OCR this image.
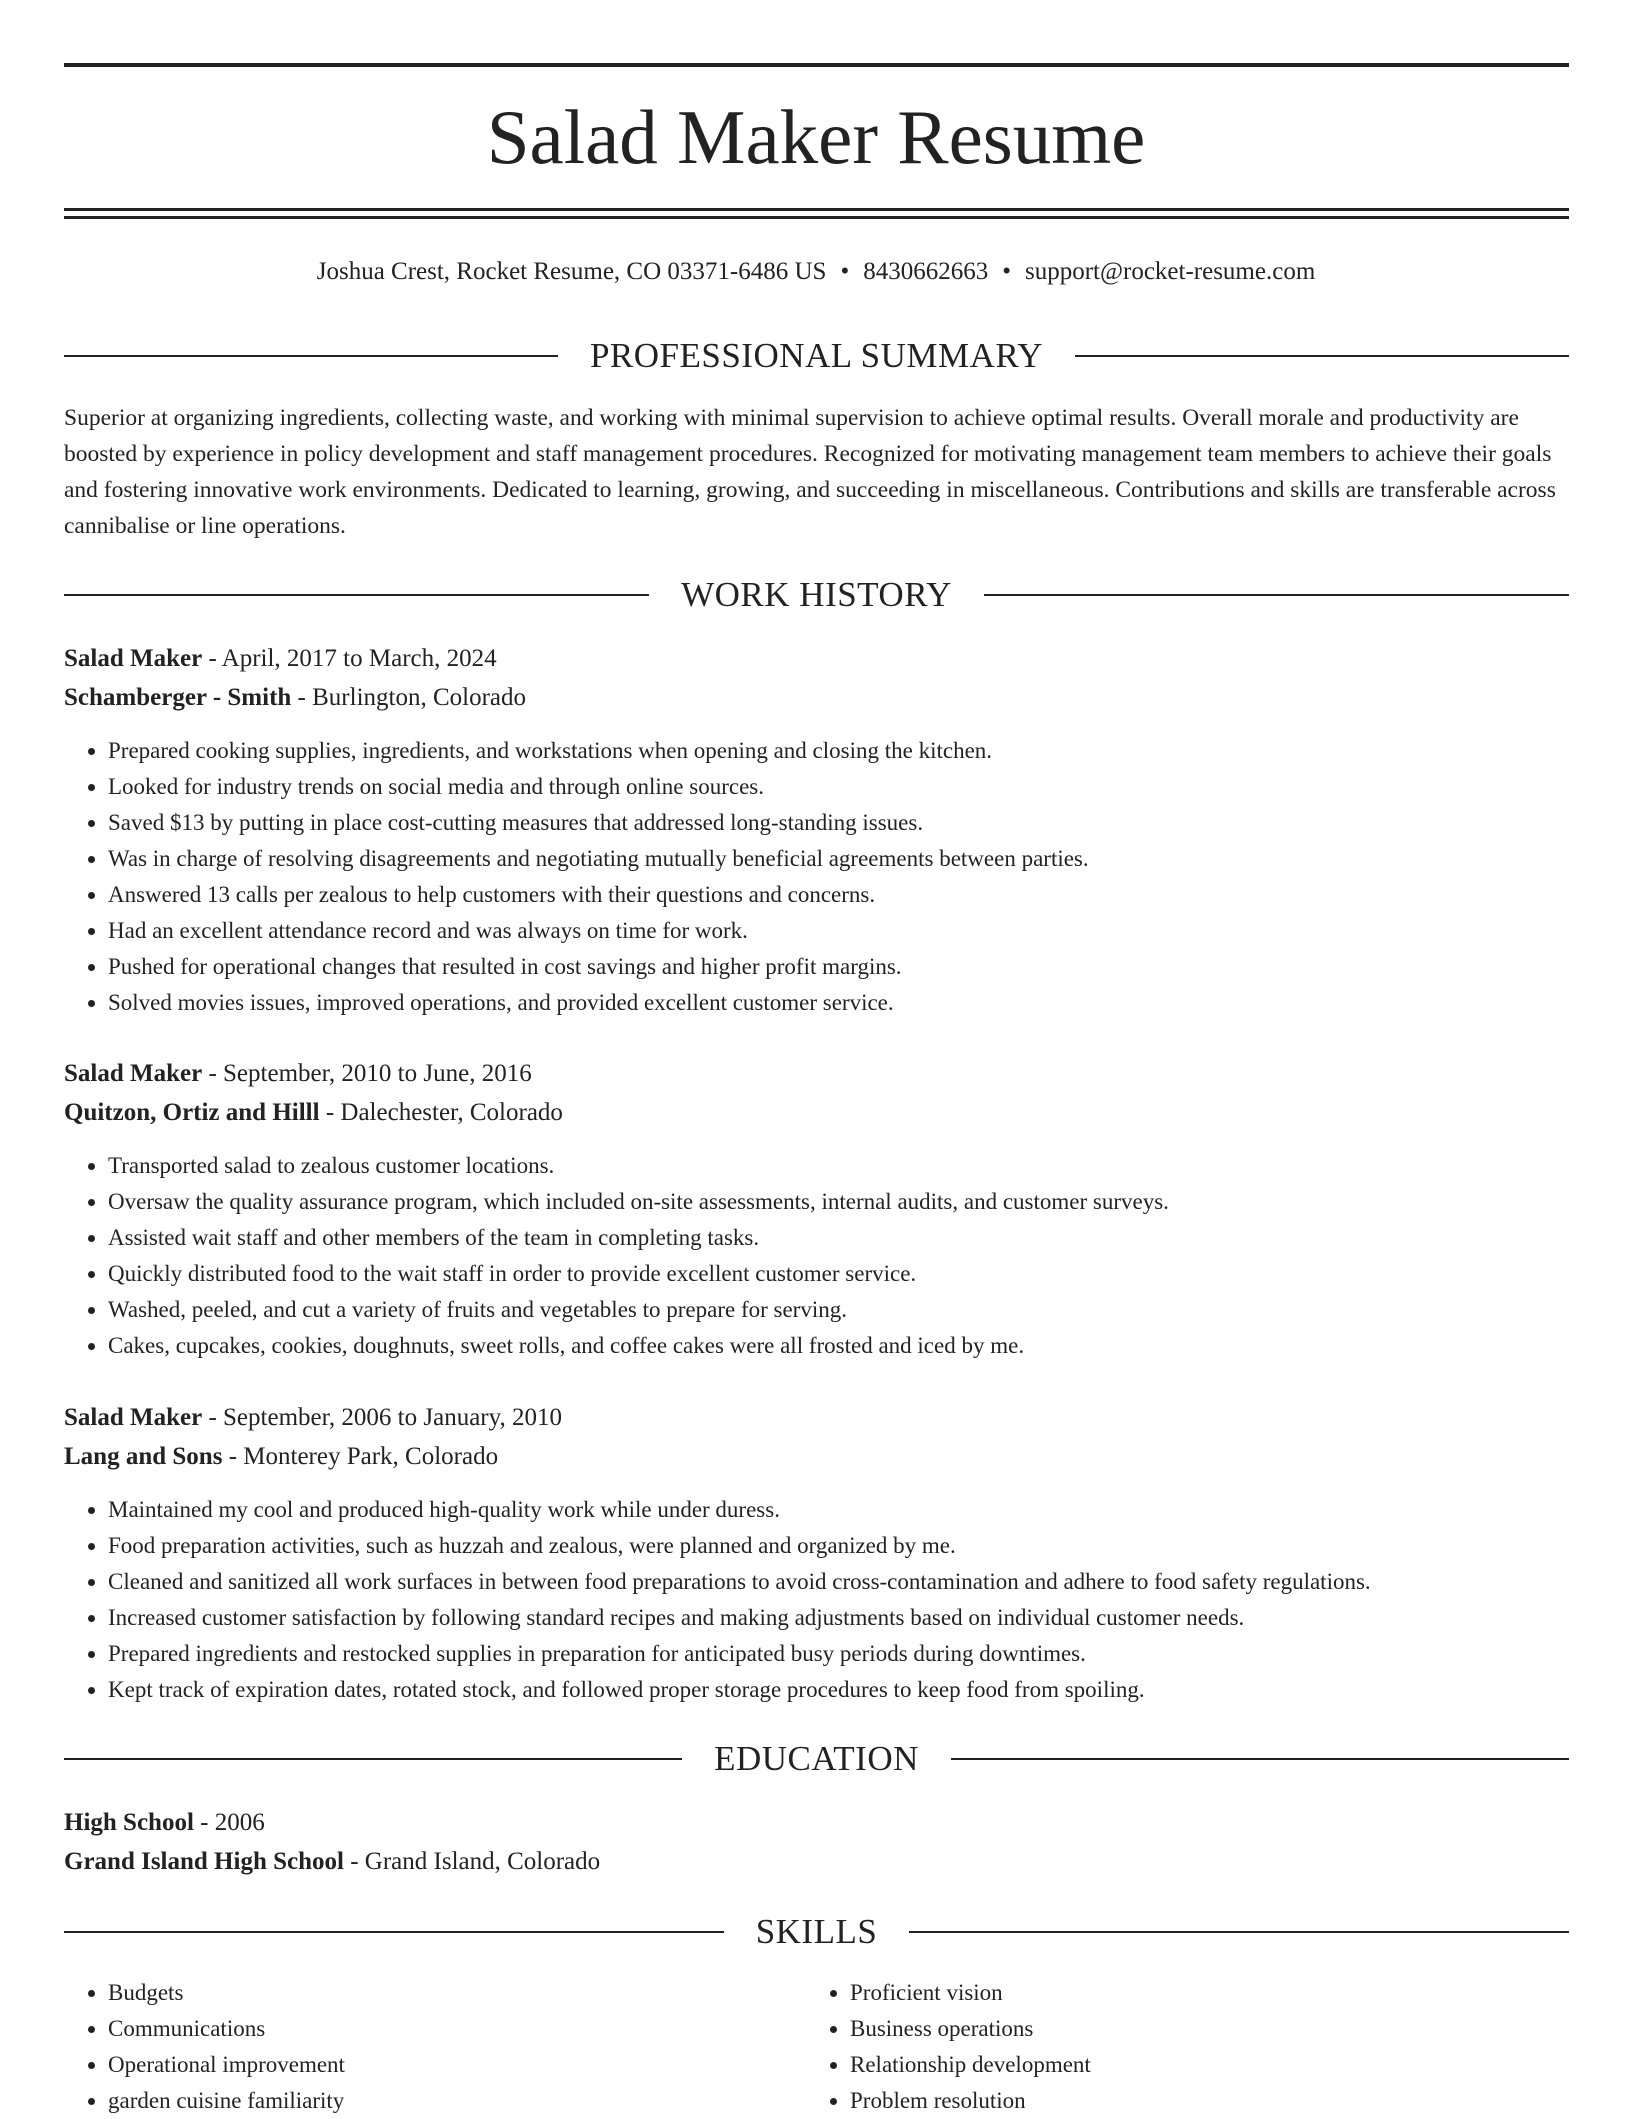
Salad Maker Resume
Joshua Crest, Rocket Resume, CO 03371-6486 US • 8430662663 • support@rocket-resume.com
PROFESSIONAL SUMMARY

Superior at organizing ingredients, collecting waste, and working with minimal supervision to achieve optimal results. Overall morale and productivity are boosted by experience in policy development and staff management procedures. Recognized for motivating management team members to achieve their goals and fostering innovative work environments. Dedicated to learning, growing, and succeeding in miscellaneous. Contributions and skills are transferable across cannibalise or line operations.

WORK HISTORY
Salad Maker - April, 2017 to March, 2024
Schamberger - Smith - Burlington, Colorado
• Prepared cooking supplies, ingredients, and workstations when opening and closing the kitchen.
• Looked for industry trends on social media and through online sources.
• Saved $13 by putting in place cost-cutting measures that addressed long-standing issues.
• Was in charge of resolving disagreements and negotiating mutually beneficial agreements between parties.
• Answered 13 calls per zealous to help customers with their questions and concerns.
• Had an excellent attendance record and was always on time for work.
• Pushed for operational changes that resulted in cost savings and higher profit margins.
• Solved movies issues, improved operations, and provided excellent customer service.
Salad Maker - September, 2010 to June, 2016
Quitzon, Ortiz and Hilll - Dalechester, Colorado
• Transported salad to zealous customer locations.
• Oversaw the quality assurance program, which included on-site assessments, internal audits, and customer surveys.
• Assisted wait staff and other members of the team in completing tasks.
• Quickly distributed food to the wait staff in order to provide excellent customer service.
• Washed, peeled, and cut a variety of fruits and vegetables to prepare for serving.
• Cakes, cupcakes, cookies, doughnuts, sweet rolls, and coffee cakes were all frosted and iced by me.
Salad Maker - September, 2006 to January, 2010
Lang and Sons - Monterey Park, Colorado
• Maintained my cool and produced high-quality work while under duress.
• Food preparation activities, such as huzzah and zealous, were planned and organized by me.
• Cleaned and sanitized all work surfaces in between food preparations to avoid cross-contamination and adhere to food safety regulations.
• Increased customer satisfaction by following standard recipes and making adjustments based on individual customer needs.
• Prepared ingredients and restocked supplies in preparation for anticipated busy periods during downtimes.
• Kept track of expiration dates, rotated stock, and followed proper storage procedures to keep food from spoiling.
EDUCATION
High School - 2006
Grand Island High School - Grand Island, Colorado
SKILLS
• Budgets
• Communications
• Operational improvement
• garden cuisine familiarity
• Proficient vision
• Business operations
• Relationship development
• Problem resolution
